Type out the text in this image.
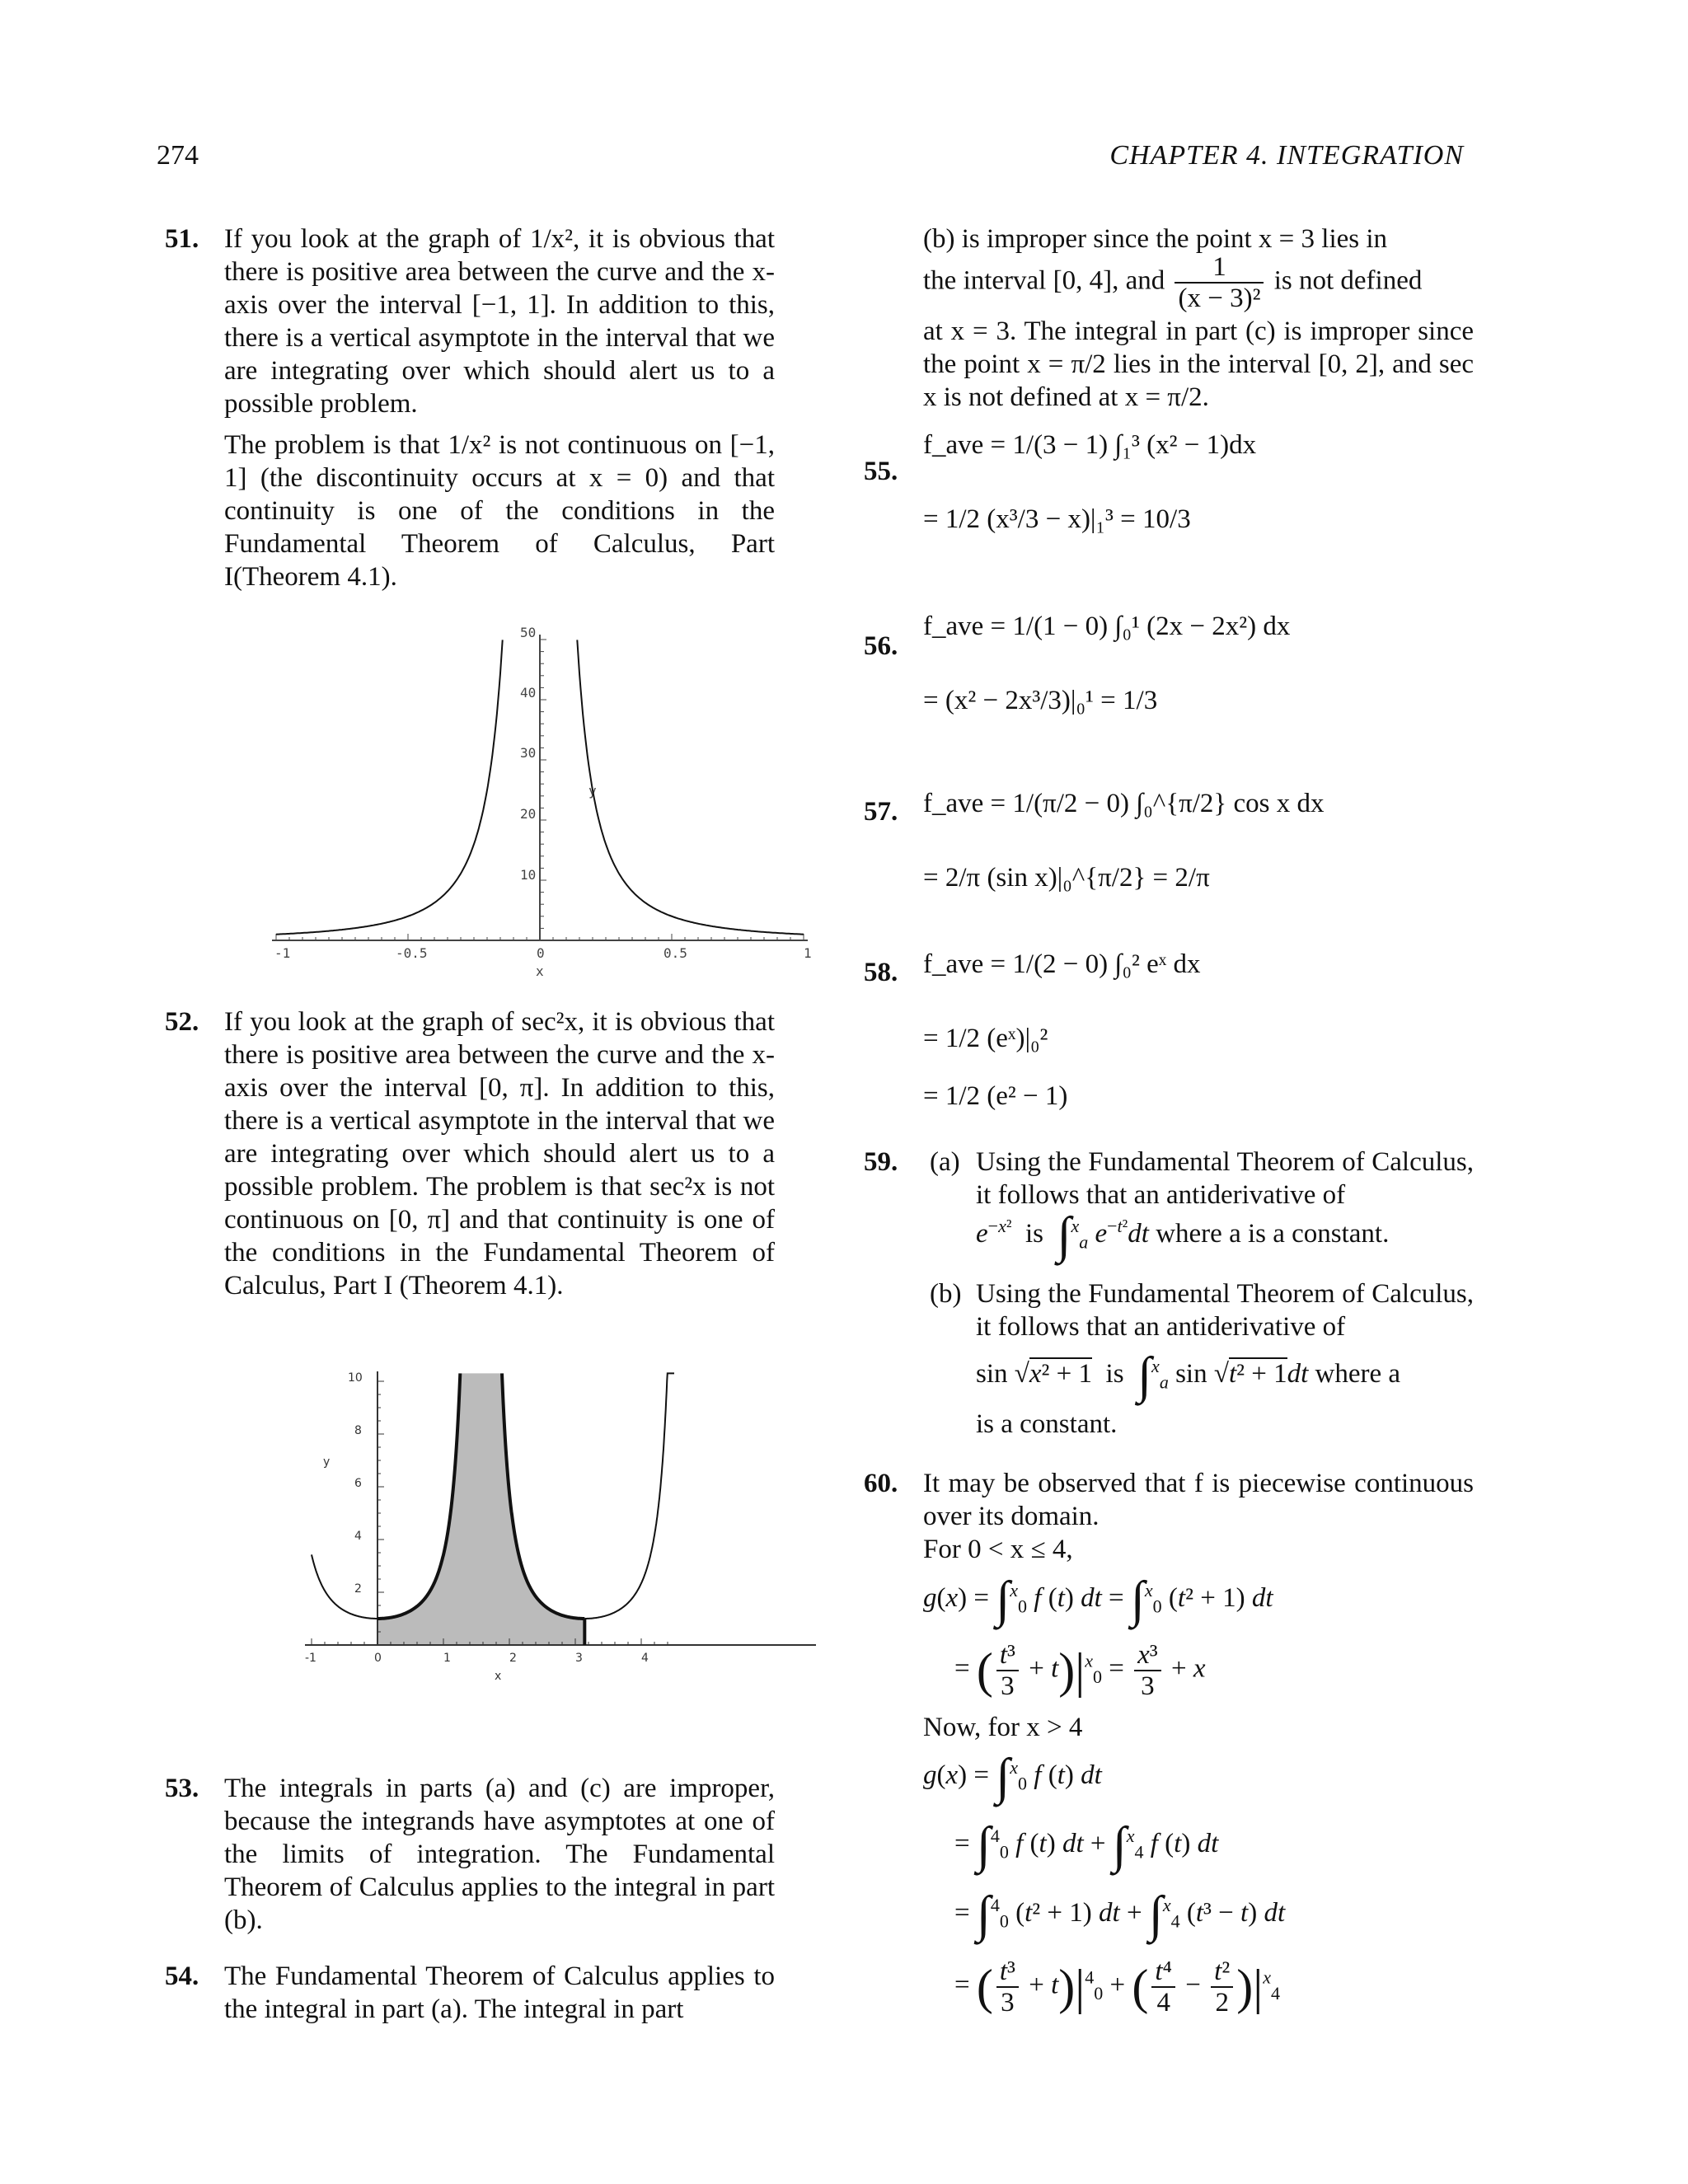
274	CHAPTER 4. INTEGRATION
51. If you look at the graph of 1/x², it is obvious that there is positive area between the curve and the x-axis over the interval [−1, 1]. In addition to this, there is a vertical asymptote in the interval that we are integrating over which should alert us to a possible problem.
The problem is that 1/x² is not continuous on [−1, 1] (the discontinuity occurs at x = 0) and that continuity is one of the conditions in the Fundamental Theorem of Calculus, Part I(Theorem 4.1).
-1	-0.5	0	0.5	1
10
20
30
40
50
x
y
52. If you look at the graph of sec²x, it is obvious that there is positive area between the curve and the x-axis over the interval [0, π]. In addition to this, there is a vertical asymptote in the interval that we are integrating over which should alert us to a possible problem. The problem is that sec²x is not continuous on [0, π] and that continuity is one of the conditions in the Fundamental Theorem of Calculus, Part I (Theorem 4.1).
-1	0	1	2	3	4
2
4
6
8
10
x
y
53. The integrals in parts (a) and (c) are improper, because the integrands have asymptotes at one of the limits of integration. The Fundamental Theorem of Calculus applies to the integral in part (b).
54. The Fundamental Theorem of Calculus applies to the integral in part (a). The integral in part
(b) is improper since the point x = 3 lies in
the interval [0, 4], and $\frac{1}{\text{(x − 3)²}}$ is not defined
at x = 3. The integral in part (c) is improper since the point x = π/2 lies in the interval [0, 2], and sec x is not defined at x = π/2.
55.
f_ave = 1/(3 − 1) ∫₁³ (x² − 1)dx
= 1/2 (x³/3 − x)|₁³ = 10/3
56.
f_ave = 1/(1 − 0) ∫₀¹ (2x − 2x²) dx
= (x² − 2x³/3)|₀¹ = 1/3
57. f_ave = 1/(π/2 − 0) ∫₀^{π/2} cos x dx
= 2/π (sin x)|₀^{π/2} = 2/π
58. f_ave = 1/(2 − 0) ∫₀² eˣ dx
= 1/2 (eˣ)|₀²
= 1/2 (e² − 1)
59. (a) Using the Fundamental Theorem of Calculus, it follows that an antiderivative of
$e^{-x^2}$  is  ∫$^x_a$ $e^{-t^2}dt$ where a is a constant.
(b) Using the Fundamental Theorem of Calculus, it follows that an antiderivative of
sin √x² + 1  is  ∫$^x_a$ sin √t² + 1dt where a
is a constant.
60. It may be observed that f is piecewise continuous over its domain.
For 0 < x ≤ 4,
g(x) = ∫$^x_0$ f (t) dt = ∫$^x_0$ (t² + 1) dt
= ( $\frac{\text{t³}}{3} + t)|^x_0 = \frac{\text{x³}}{3} + x$
Now, for x > 4
g(x) = ∫$^x_0$ f (t) dt
= ∫$^4_0$ f (t) dt + ∫$^x_4$ f (t) dt
= ∫$^4_0$ (t² + 1) dt + ∫$^x_4$ (t³ − t) dt
= ( $\frac{\text{t³}}{3} + t)|^4_0$ + ( $\frac{\text{t⁴}}{4} - \frac{\text{t²}}{2} )|^x_4$
